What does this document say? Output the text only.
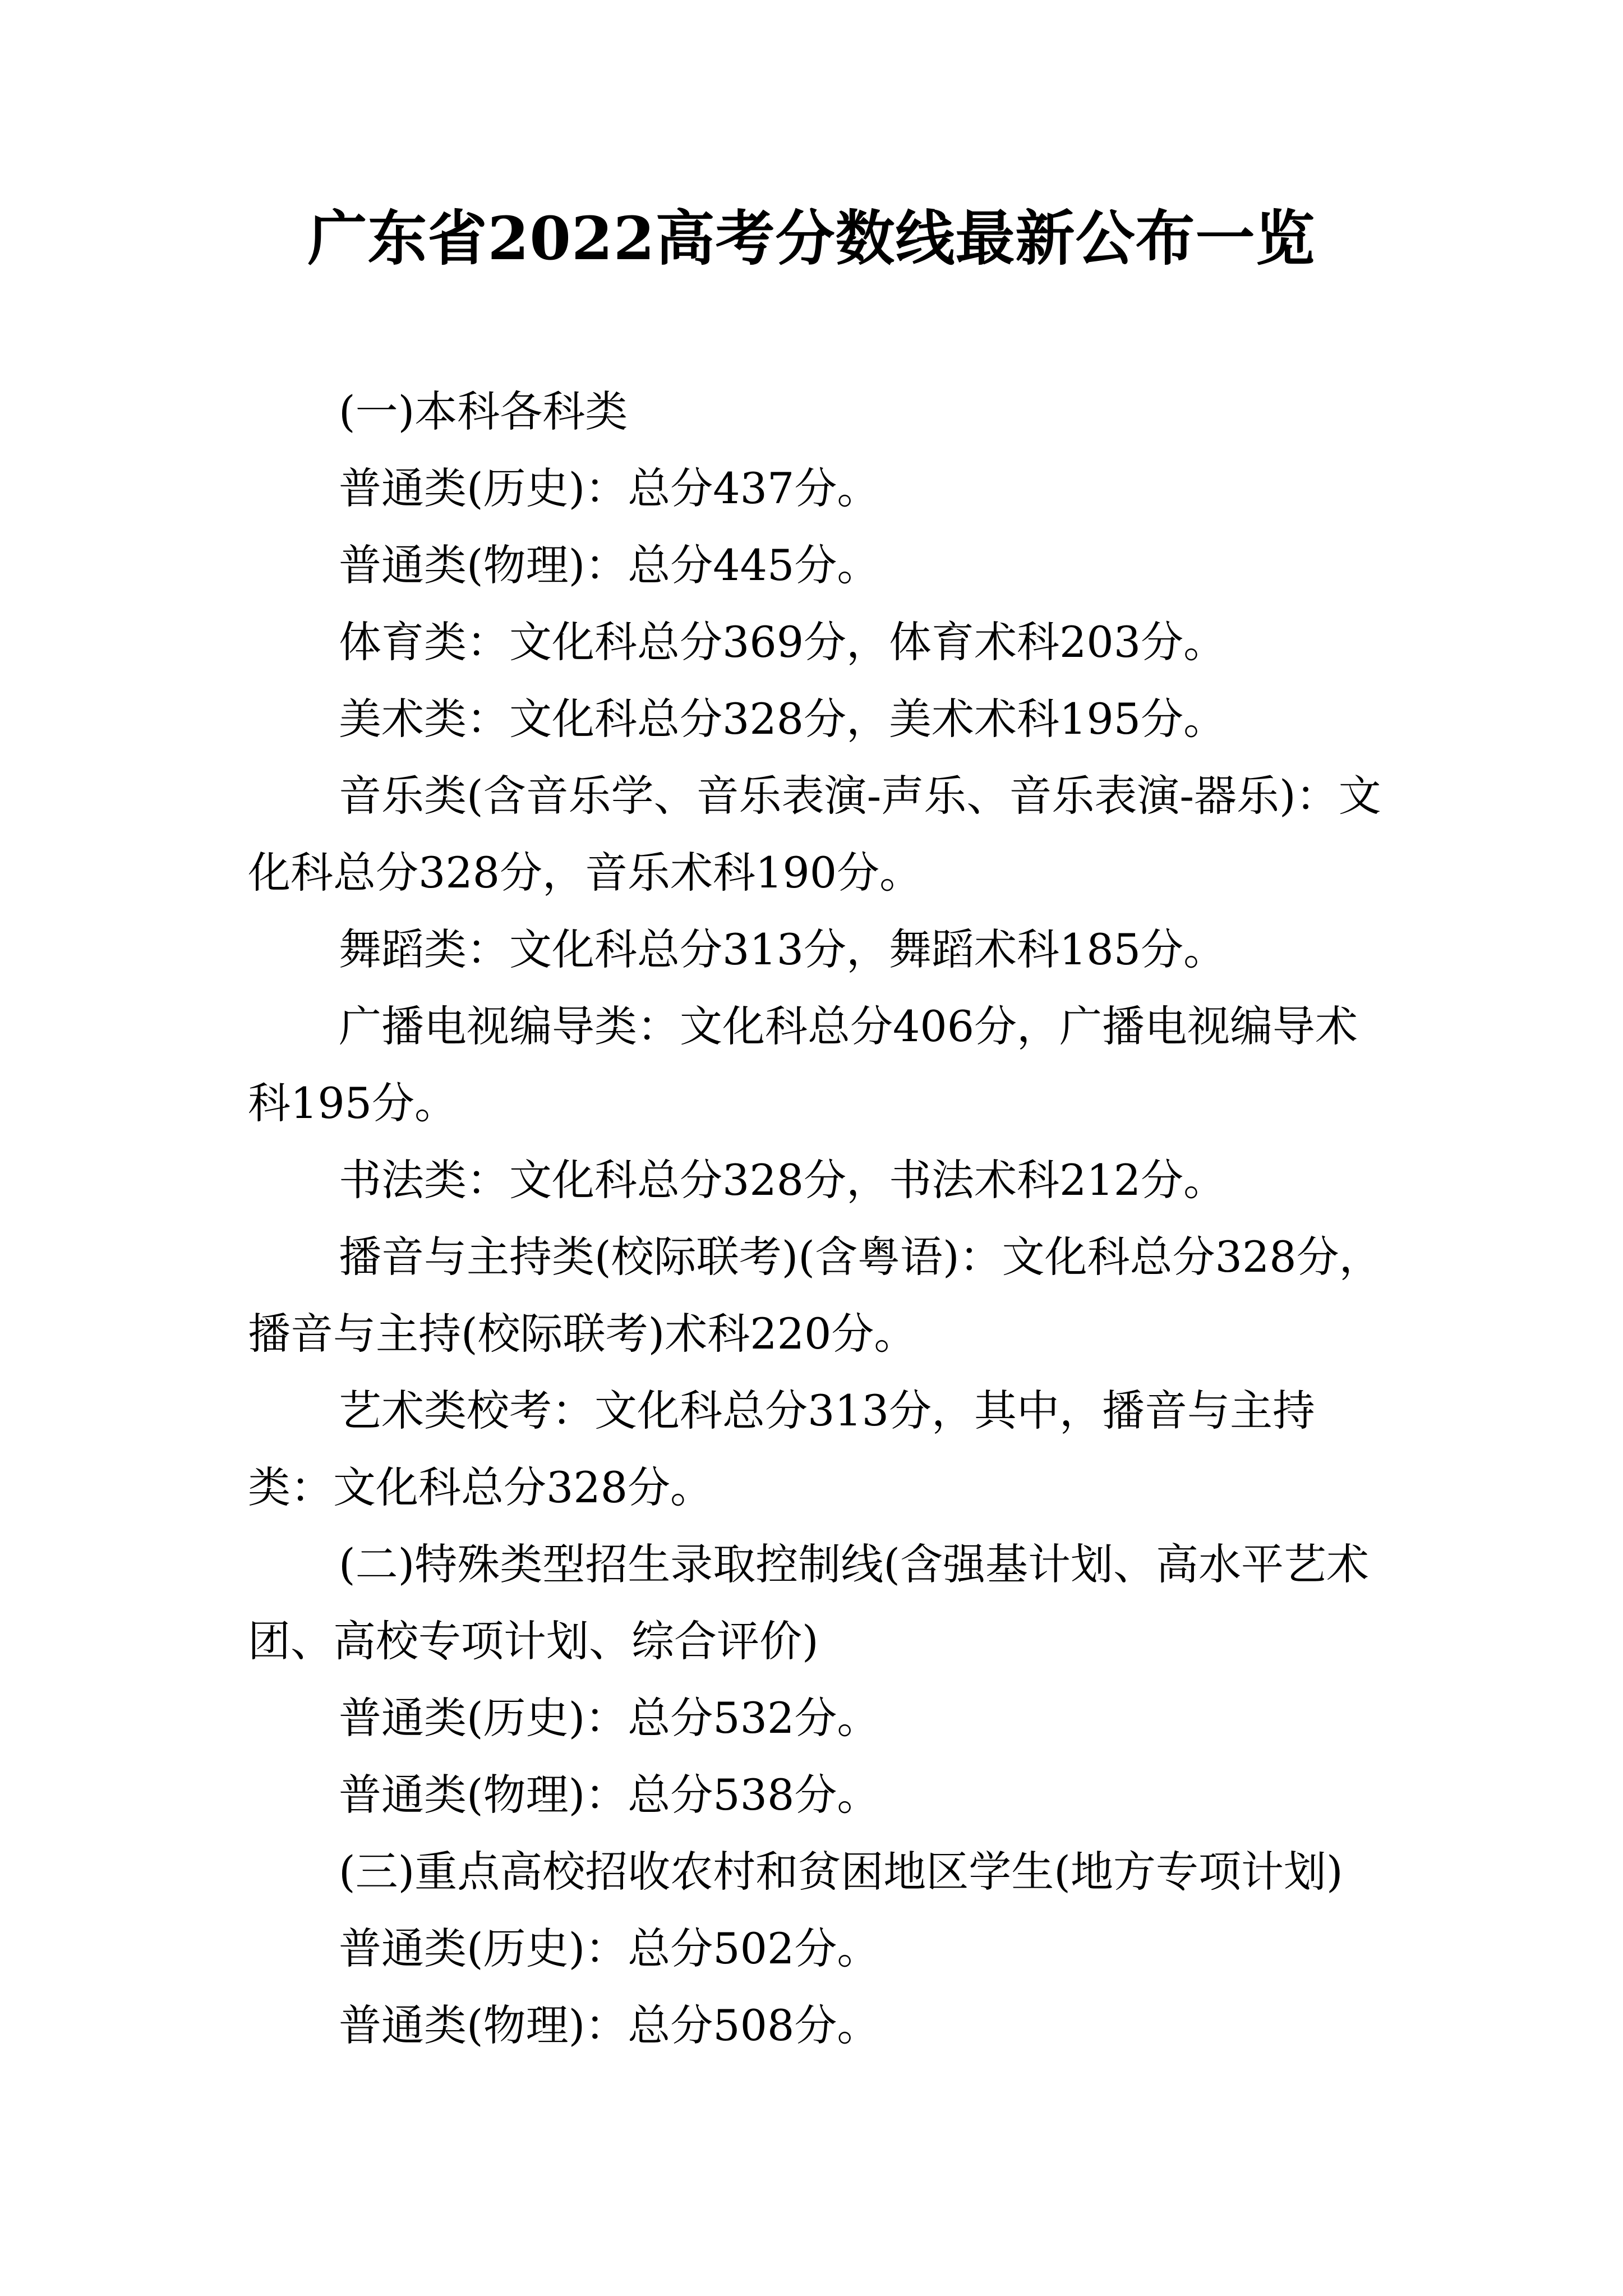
广东省2022高考分数线最新公布一览

(一)本科各科类

普通类(历史)：总分437分。

普通类(物理)：总分445分。

体育类：文化科总分369分，体育术科203分。

美术类：文化科总分328分，美术术科195分。

音乐类(含音乐学、音乐表演-声乐、音乐表演-器乐)：文化科总分328分，音乐术科190分。

舞蹈类：文化科总分313分，舞蹈术科185分。

广播电视编导类：文化科总分406分，广播电视编导术科195分。

书法类：文化科总分328分，书法术科212分。

播音与主持类(校际联考)(含粤语)：文化科总分328分，播音与主持(校际联考)术科220分。

艺术类校考：文化科总分313分，其中，播音与主持类：文化科总分328分。

(二)特殊类型招生录取控制线(含强基计划、高水平艺术团、高校专项计划、综合评价)

普通类(历史)：总分532分。

普通类(物理)：总分538分。

(三)重点高校招收农村和贫困地区学生(地方专项计划)

普通类(历史)：总分502分。

普通类(物理)：总分508分。
